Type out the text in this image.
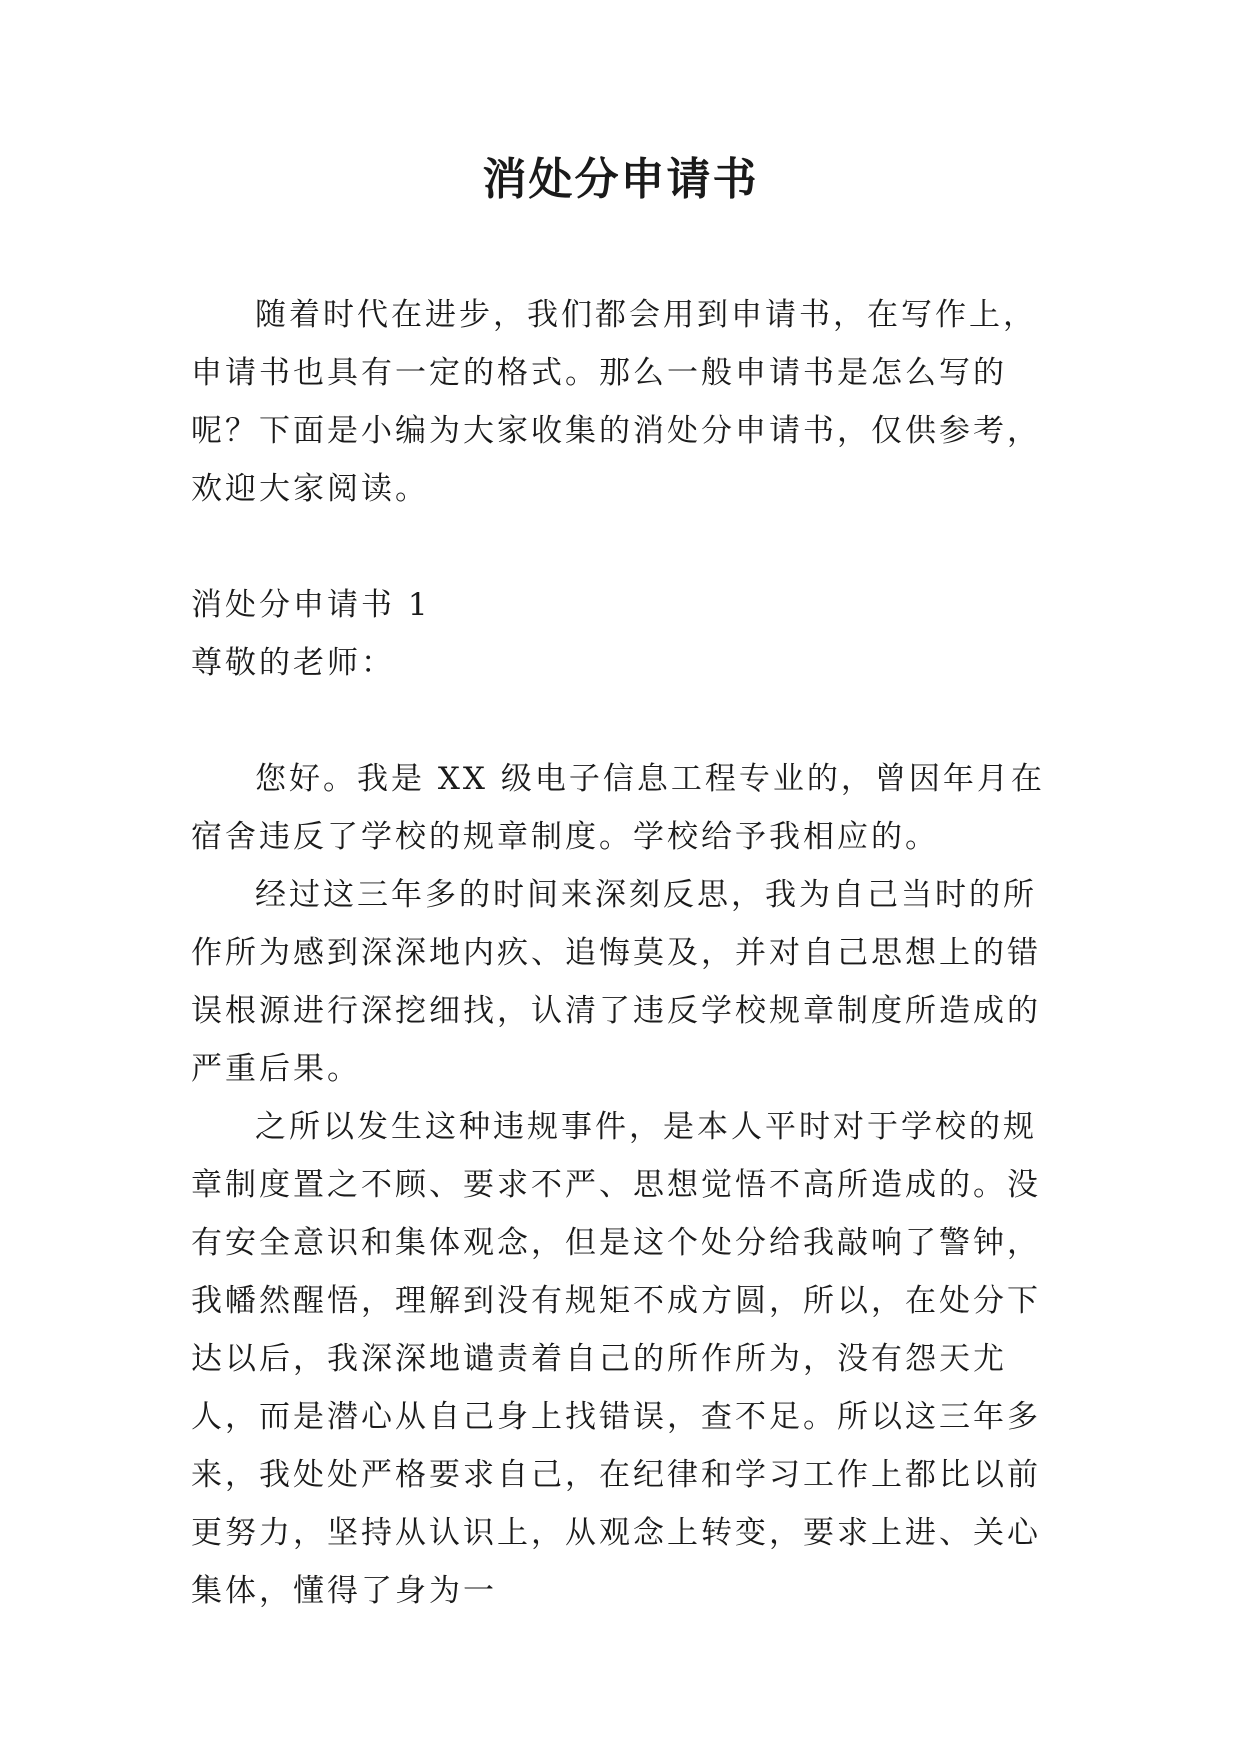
消处分申请书

随着时代在进步，我们都会用到申请书，在写作上，申请书也具有一定的格式。那么一般申请书是怎么写的呢？下面是小编为大家收集的消处分申请书，仅供参考，欢迎大家阅读。

消处分申请书 1

尊敬的老师：

您好。我是 XX 级电子信息工程专业的，曾因年月在宿舍违反了学校的规章制度。学校给予我相应的。

经过这三年多的时间来深刻反思，我为自己当时的所作所为感到深深地内疚、追悔莫及，并对自己思想上的错误根源进行深挖细找，认清了违反学校规章制度所造成的严重后果。

之所以发生这种违规事件，是本人平时对于学校的规章制度置之不顾、要求不严、思想觉悟不高所造成的。没有安全意识和集体观念，但是这个处分给我敲响了警钟，我幡然醒悟，理解到没有规矩不成方圆，所以，在处分下达以后，我深深地谴责着自己的所作所为，没有怨天尤人，而是潜心从自己身上找错误，查不足。所以这三年多来，我处处严格要求自己，在纪律和学习工作上都比以前更努力，坚持从认识上，从观念上转变，要求上进、关心集体，懂得了身为一
